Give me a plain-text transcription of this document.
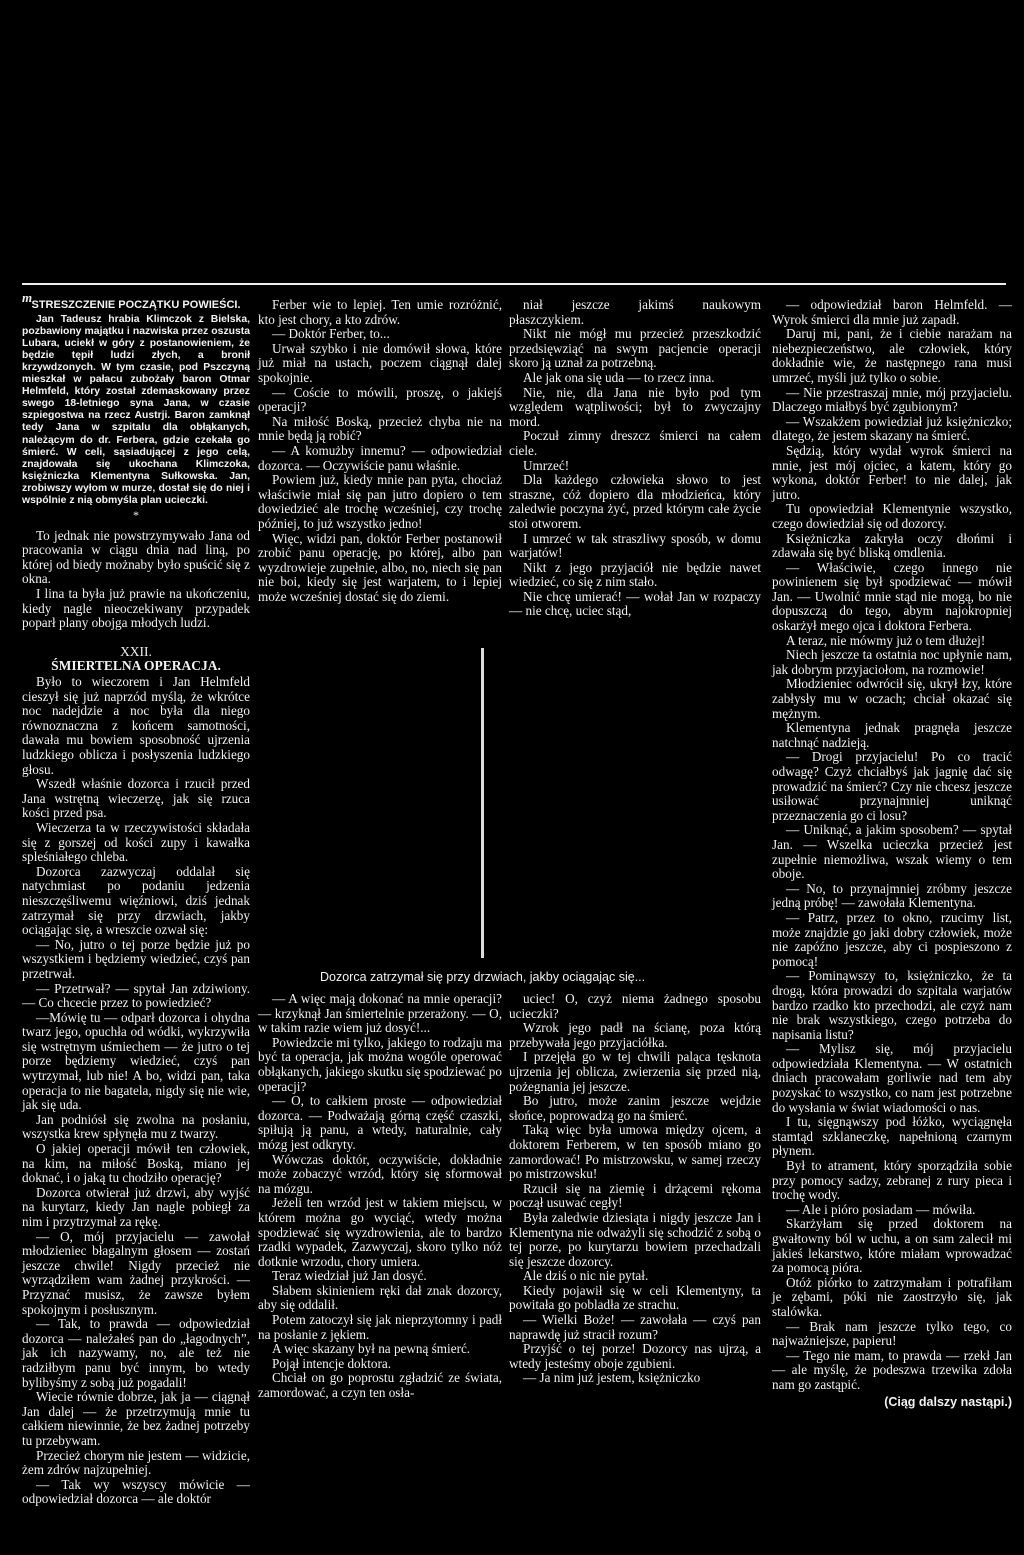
m STRESZCZENIE POCZĄTKU POWIEŚCI.

Jan Tadeusz hrabia Klimczok z Bielska, pozbawiony majątku i nazwiska przez oszusta Lubara, uciekł w góry z postanowieniem, że będzie tępił ludzi złych, a bronił krzywdzonych. W tym czasie, pod Pszczyną mieszkał w pałacu zubożały baron Otmar Helmfeld, który został zdemaskowany przez swego 18-letniego syna Jana, w czasie szpiegostwa na rzecz Austrji. Baron zamknął tedy Jana w szpitalu dla obłąkanych, należącym do dr. Ferbera, gdzie czekała go śmierć. W celi, sąsiadującej z jego celą, znajdowała się ukochana Klimczoka, księżniczka Klementyna Sułkowska. Jan, zrobiwszy wyłom w murze, dostał się do niej i wspólnie z nią obmyśla plan ucieczki.

*

To jednak nie powstrzymywało Jana od pracowania w ciągu dnia nad liną, po której od biedy możnaby było spuścić się z okna.

I lina ta była już prawie na ukończeniu, kiedy nagle nieoczekiwany przypadek poparł plany obojga młodych ludzi.

XXII.
ŚMIERTELNA OPERACJA.

Było to wieczorem i Jan Helmfeld cieszył się już naprzód myślą, że wkrótce noc nadejdzie a noc była dla niego równoznaczna z końcem samotności, dawała mu bowiem sposobność ujrzenia ludzkiego oblicza i posłyszenia ludzkiego głosu.

Wszedł właśnie dozorca i rzucił przed Jana wstrętną wieczerzę, jak się rzuca kości przed psa.

Wieczerza ta w rzeczywistości składała się z gorszej od kości zupy i kawałka spleśniałego chleba.

Dozorca zazwyczaj oddalał się natychmiast po podaniu jedzenia nieszczęśliwemu więźniowi, dziś jednak zatrzymał się przy drzwiach, jakby ociągając się, a wreszcie ozwał się:

— No, jutro o tej porze będzie już po wszystkiem i będziemy wiedzieć, czyś pan przetrwał.

— Przetrwał? — spytał Jan zdziwiony. — Co chcecie przez to powiedzieć?

—Mówię tu — odparł dozorca i ohydna twarz jego, opuchła od wódki, wykrzywiła się wstrętnym uśmiechem — że jutro o tej porze będziemy wiedzieć, czyś pan wytrzymał, lub nie! A bo, widzi pan, taka operacja to nie bagatela, nigdy się nie wie, jak się uda.

Jan podniósł się zwolna na posłaniu, wszystka krew spłynęła mu z twarzy.

O jakiej operacji mówił ten człowiek, na kim, na miłość Boską, miano jej doknać, i o jaką tu chodziło operację?

Dozorca otwierał już drzwi, aby wyjść na kurytarz, kiedy Jan nagle pobiegł za nim i przytrzymał za rękę.

— O, mój przyjacielu — zawołał młodzieniec błagalnym głosem — zostań jeszcze chwile! Nigdy przecież nie wyrządziłem wam żadnej przykrości. — Przyznać musisz, że zawsze byłem spokojnym i posłusznym.

— Tak, to prawda — odpowiedział dozorca — należałeś pan do „łagodnych”, jak ich nazywamy, no, ale też nie radziłbym panu być innym, bo wtedy bylibyśmy z sobą już pogadali!

Wiecie równie dobrze, jak ja — ciągnął Jan dalej — że przetrzymują mnie tu całkiem niewinnie, że bez żadnej potrzeby tu przebywam.

Przecież chorym nie jestem — widzicie, żem zdrów najzupełniej.

— Tak wy wszyscy mówicie — odpowiedział dozorca — ale doktór

Ferber wie to lepiej. Ten umie rozróżnić, kto jest chory, a kto zdrów.

— Doktór Ferber, to...

Urwał szybko i nie domówił słowa, które już miał na ustach, poczem ciągnął dalej spokojnie.

— Coście to mówili, proszę, o jakiejś operacji?

Na miłość Boską, przecież chyba nie na mnie będą ją robić?

— A komużby innemu? — odpowiedział dozorca. — Oczywiście panu właśnie.

Powiem już, kiedy mnie pan pyta, chociaż właściwie miał się pan jutro dopiero o tem dowiedzieć ale trochę wcześniej, czy trochę później, to już wszystko jedno!

Więc, widzi pan, doktór Ferber postanowił zrobić panu operację, po której, albo pan wyzdrowieje zupełnie, albo, no, niech się pan nie boi, kiedy się jest warjatem, to i lepiej może wcześniej dostać się do ziemi.

niał jeszcze jakimś naukowym płaszczykiem.

Nikt nie mógł mu przecież przeszkodzić przedsięwziąć na swym pacjencie operacji skoro ją uznał za potrzebną.

Ale jak ona się uda — to rzecz inna.

Nie, nie, dla Jana nie było pod tym względem wątpliwości; był to zwyczajny mord.

Poczuł zimny dreszcz śmierci na całem ciele.

Umrzeć!

Dla każdego człowieka słowo to jest straszne, cóż dopiero dla młodzieńca, który zaledwie poczyna żyć, przed którym całe życie stoi otworem.

I umrzeć w tak straszliwy sposób, w domu warjatów!

Nikt z jego przyjaciół nie będzie nawet wiedzieć, co się z nim stało.

Nie chcę umierać! — wołał Jan w rozpaczy — nie chcę, uciec stąd,

Dozorca zatrzymał się przy drzwiach, jakby ociągając się...

— A więc mają dokonać na mnie operacji? — krzyknął Jan śmiertelnie przerażony. — O, w takim razie wiem już dosyć!...

Powiedzcie mi tylko, jakiego to rodzaju ma być ta operacja, jak można wogóle operować obłąkanych, jakiego skutku się spodziewać po operacji?

— O, to całkiem proste — odpowiedział dozorca. — Podważają górną część czaszki, spiłują ją panu, a wtedy, naturalnie, cały mózg jest odkryty.

Wówczas doktór, oczywiście, dokładnie może zobaczyć wrzód, który się sformował na mózgu.

Jeżeli ten wrzód jest w takiem miejscu, w którem można go wyciąć, wtedy można spodziewać się wyzdrowienia, ale to bardzo rzadki wypadek, Zazwyczaj, skoro tylko nóż dotknie wrzodu, chory umiera.

Teraz wiedział już Jan dosyć.

Słabem skinieniem ręki dał znak dozorcy, aby się oddalił.

Potem zatoczył się jak nieprzytomny i padł na posłanie z jękiem.

A więc skazany był na pewną śmierć.

Pojął intencje doktora.

Chciał on go poprostu zgładzić ze świata, zamordować, a czyn ten osła-

uciec! O, czyż niema żadnego sposobu ucieczki?

Wzrok jego padł na ścianę, poza którą przebywała jego przyjaciółka.

I przejęła go w tej chwili paląca tęsknota ujrzenia jej oblicza, zwierzenia się przed nią, pożegnania jej jeszcze.

Bo jutro, może zanim jeszcze wejdzie słońce, poprowadzą go na śmierć.

Taką więc była umowa między ojcem, a doktorem Ferberem, w ten sposób miano go zamordować! Po mistrzowsku, w samej rzeczy po mistrzowsku!

Rzucił się na ziemię i drżącemi rękoma począł usuwać cegły!

Była zaledwie dziesiąta i nigdy jeszcze Jan i Klementyna nie odważyli się schodzić z sobą o tej porze, po kurytarzu bowiem przechadzali się jeszcze dozorcy.

Ale dziś o nic nie pytał.

Kiedy pojawił się w celi Klementyny, ta powitała go pobladła ze strachu.

— Wielki Boże! — zawołała — czyś pan naprawdę już stracił rozum?

Przyjść o tej porze! Dozorcy nas ujrzą, a wtedy jesteśmy oboje zgubieni.

— Ja nim już jestem, księżniczko

— odpowiedział baron Helmfeld. — Wyrok śmierci dla mnie już zapadł.

Daruj mi, pani, że i ciebie narażam na niebezpieczeństwo, ale człowiek, który dokładnie wie, że następnego rana musi umrzeć, myśli już tylko o sobie.

— Nie przestraszaj mnie, mój przyjacielu. Dlaczego miałbyś być zgubionym?

— Wszakżem powiedział już księżniczko; dlatego, że jestem skazany na śmierć.

Sędzią, który wydał wyrok śmierci na mnie, jest mój ojciec, a katem, który go wykona, doktór Ferber! to nie dalej, jak jutro.

Tu opowiedział Klementynie wszystko, czego dowiedział się od dozorcy.

Księżniczka zakryła oczy dłońmi i zdawała się być bliską omdlenia.

— Właściwie, czego innego nie powinienem się był spodziewać — mówił Jan. — Uwolnić mnie stąd nie mogą, bo nie dopuszczą do tego, abym najokropniej oskarżył mego ojca i doktora Ferbera.

A teraz, nie mówmy już o tem dłużej!

Niech jeszcze ta ostatnia noc upłynie nam, jak dobrym przyjaciołom, na rozmowie!

Młodzieniec odwrócił się, ukrył łzy, które zabłysły mu w oczach; chciał okazać się mężnym.

Klementyna jednak pragnęła jeszcze natchnąć nadzieją.

— Drogi przyjacielu! Po co tracić odwagę? Czyż chciałbyś jak jagnię dać się prowadzić na śmierć? Czy nie chcesz jeszcze usiłować przynajmniej uniknąć przeznaczenia go ci losu?

— Uniknąć, a jakim sposobem? — spytał Jan. — Wszelka ucieczka przecież jest zupełnie niemożliwa, wszak wiemy o tem oboje.

— No, to przynajmniej zróbmy jeszcze jedną próbę! — zawołała Klementyna.

— Patrz, przez to okno, rzucimy list, może znajdzie go jaki dobry człowiek, może nie zapóźno jeszcze, aby ci pospieszono z pomocą!

— Pominąwszy to, księżniczko, że ta drogą, która prowadzi do szpitala warjatów bardzo rzadko kto przechodzi, ale czyż nam nie brak wszystkiego, czego potrzeba do napisania listu?

— Mylisz się, mój przyjacielu odpowiedziała Klementyna. — W ostatnich dniach pracowałam gorliwie nad tem aby pozyskać to wszystko, co nam jest potrzebne do wysłania w świat wiadomości o nas.

I tu, sięgnąwszy pod łóżko, wyciągnęła stamtąd szklaneczkę, napełnioną czarnym płynem.

Był to atrament, który sporządziła sobie przy pomocy sadzy, zebranej z rury pieca i trochę wody.

— Ale i pióro posiadam — mówiła.

Skarżyłam się przed doktorem na gwałtowny ból w uchu, a on sam zalecił mi jakieś lekarstwo, które miałam wprowadzać za pomocą pióra.

Otóż piórko to zatrzymałam i potrafiłam je zębami, póki nie zaostrzyło się, jak stalówka.

— Brak nam jeszcze tylko tego, co najważniejsze, papieru!

— Tego nie mam, to prawda — rzekł Jan — ale myślę, że podeszwa trzewika zdoła nam go zastąpić.

(Ciąg dalszy nastąpi.)
